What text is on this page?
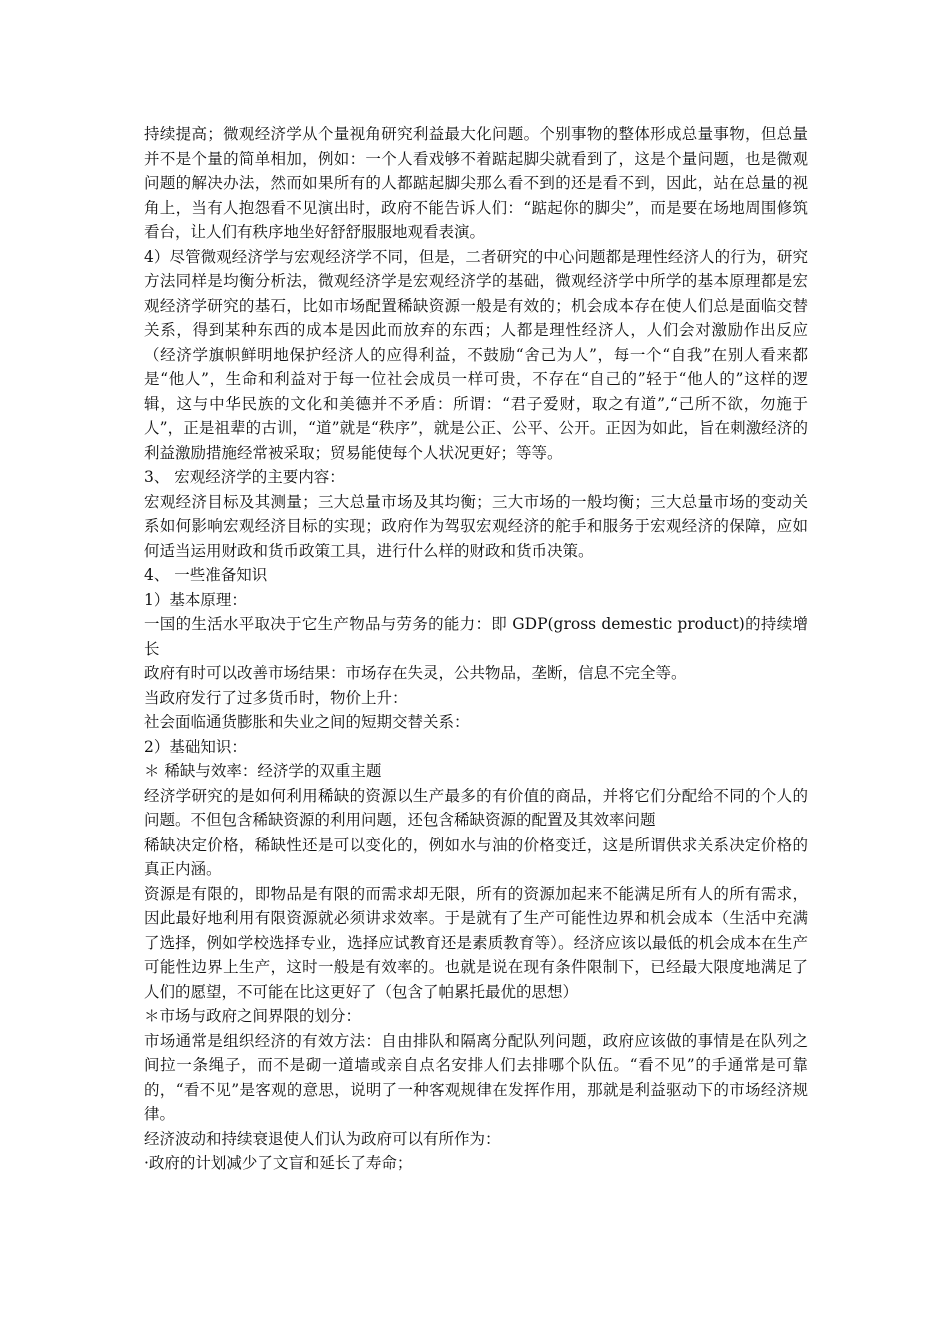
持续提高；微观经济学从个量视角研究利益最大化问题。个别事物的整体形成总量事物，但总量并不是个量的简单相加，例如：一个人看戏够不着踮起脚尖就看到了，这是个量问题，也是微观问题的解决办法，然而如果所有的人都踮起脚尖那么看不到的还是看不到，因此，站在总量的视角上，当有人抱怨看不见演出时，政府不能告诉人们：“踮起你的脚尖”，而是要在场地周围修筑看台，让人们有秩序地坐好舒舒服服地观看表演。

4）尽管微观经济学与宏观经济学不同，但是，二者研究的中心问题都是理性经济人的行为，研究方法同样是均衡分析法，微观经济学是宏观经济学的基础，微观经济学中所学的基本原理都是宏观经济学研究的基石，比如市场配置稀缺资源一般是有效的；机会成本存在使人们总是面临交替关系，得到某种东西的成本是因此而放弃的东西；人都是理性经济人，人们会对激励作出反应（经济学旗帜鲜明地保护经济人的应得利益，不鼓励“舍己为人”，每一个“自我”在别人看来都是“他人”，生命和利益对于每一位社会成员一样可贵，不存在“自己的”轻于“他人的”这样的逻辑，这与中华民族的文化和美德并不矛盾：所谓：“君子爱财，取之有道”,“己所不欲，勿施于人”，正是祖辈的古训，“道”就是“秩序”，就是公正、公平、公开。正因为如此，旨在刺激经济的利益激励措施经常被采取；贸易能使每个人状况更好；等等。

3、 宏观经济学的主要内容：

宏观经济目标及其测量；三大总量市场及其均衡；三大市场的一般均衡；三大总量市场的变动关系如何影响宏观经济目标的实现；政府作为驾驭宏观经济的舵手和服务于宏观经济的保障，应如何适当运用财政和货币政策工具，进行什么样的财政和货币决策。

4、 一些准备知识

1）基本原理：

一国的生活水平取决于它生产物品与劳务的能力：即 GDP(gross demestic product)的持续增长

政府有时可以改善市场结果：市场存在失灵，公共物品，垄断，信息不完全等。

当政府发行了过多货币时，物价上升：

社会面临通货膨胀和失业之间的短期交替关系：

2）基础知识：

＊ 稀缺与效率：经济学的双重主题

经济学研究的是如何利用稀缺的资源以生产最多的有价值的商品，并将它们分配给不同的个人的问题。不但包含稀缺资源的利用问题，还包含稀缺资源的配置及其效率问题

稀缺决定价格，稀缺性还是可以变化的，例如水与油的价格变迁，这是所谓供求关系决定价格的真正内涵。

资源是有限的，即物品是有限的而需求却无限，所有的资源加起来不能满足所有人的所有需求，因此最好地利用有限资源就必须讲求效率。于是就有了生产可能性边界和机会成本（生活中充满了选择，例如学校选择专业，选择应试教育还是素质教育等）。经济应该以最低的机会成本在生产可能性边界上生产，这时一般是有效率的。也就是说在现有条件限制下，已经最大限度地满足了人们的愿望，不可能在比这更好了（包含了帕累托最优的思想）

＊市场与政府之间界限的划分：

市场通常是组织经济的有效方法：自由排队和隔离分配队列问题，政府应该做的事情是在队列之间拉一条绳子，而不是砌一道墙或亲自点名安排人们去排哪个队伍。“看不见”的手通常是可靠的，“看不见”是客观的意思，说明了一种客观规律在发挥作用，那就是利益驱动下的市场经济规律。

经济波动和持续衰退使人们认为政府可以有所作为：

·政府的计划减少了文盲和延长了寿命；
